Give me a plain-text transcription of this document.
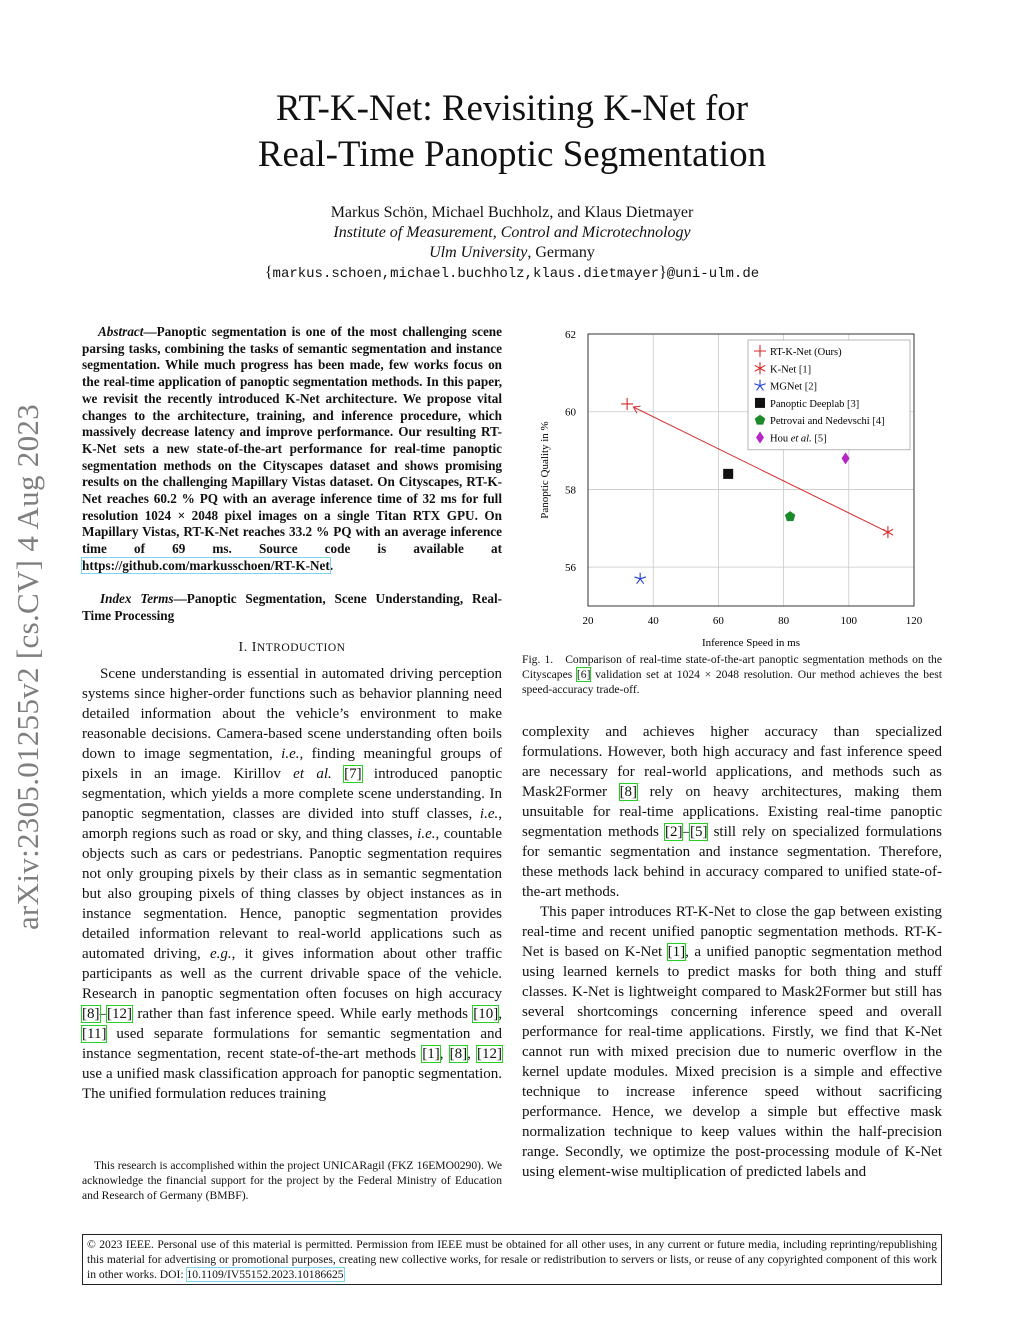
arXiv:2305.01255v2 [cs.CV] 4 Aug 2023
RT-K-Net: Revisiting K-Net for
Real-Time Panoptic Segmentation
Markus Schön, Michael Buchholz, and Klaus Dietmayer
Institute of Measurement, Control and Microtechnology
Ulm University, Germany
{markus.schoen,michael.buchholz,klaus.dietmayer}@uni-ulm.de
Abstract—Panoptic segmentation is one of the most challenging scene parsing tasks, combining the tasks of semantic segmentation and instance segmentation. While much progress has been made, few works focus on the real-time application of panoptic segmentation methods. In this paper, we revisit the recently introduced K-Net architecture. We propose vital changes to the architecture, training, and inference procedure, which massively decrease latency and improve performance. Our resulting RT-K-Net sets a new state-of-the-art performance for real-time panoptic segmentation methods on the Cityscapes dataset and shows promising results on the challenging Mapillary Vistas dataset. On Cityscapes, RT-K-Net reaches 60.2 % PQ with an average inference time of 32 ms for full resolution 1024 × 2048 pixel images on a single Titan RTX GPU. On Mapillary Vistas, RT-K-Net reaches 33.2 % PQ with an average inference time of 69 ms. Source code is available at https://github.com/markusschoen/RT-K-Net.
Index Terms—Panoptic Segmentation, Scene Understanding, Real-Time Processing
I. INTRODUCTION

Scene understanding is essential in automated driving perception systems since higher-order functions such as behavior planning need detailed information about the vehicle’s environment to make reasonable decisions. Camera-based scene understanding often boils down to image segmentation, i.e., finding meaningful groups of pixels in an image. Kirillov et al. [7] introduced panoptic segmentation, which yields a more complete scene understanding. In panoptic segmentation, classes are divided into stuff classes, i.e., amorph regions such as road or sky, and thing classes, i.e., countable objects such as cars or pedestrians. Panoptic segmentation requires not only grouping pixels by their class as in semantic segmentation but also grouping pixels of thing classes by object instances as in instance segmentation. Hence, panoptic segmentation provides detailed information relevant to real-world applications such as automated driving, e.g., it gives information about other traffic participants as well as the current drivable space of the vehicle. Research in panoptic segmentation often focuses on high accuracy [8]–[12] rather than fast inference speed. While early methods [10], [11] used separate formulations for semantic segmentation and instance segmentation, recent state-of-the-art methods [1], [8], [12] use a unified mask classification approach for panoptic segmentation. The unified formulation reduces training

This research is accomplished within the project UNICARagil (FKZ 16EMO0290). We acknowledge the financial support for the project by the Federal Ministry of Education and Research of Germany (BMBF).

20	40	60	80	100	120
56
58
60
62
Inference Speed in ms
Panoptic Quality in %
RT-K-Net (Ours)
K-Net [1]
MGNet [2]
Panoptic Deeplab [3]
Petrovai and Nedevschi [4]
Hou et al. [5]
Fig. 1. Comparison of real-time state-of-the-art panoptic segmentation methods on the Cityscapes [6] validation set at 1024 × 2048 resolution. Our method achieves the best speed-accuracy trade-off.

complexity and achieves higher accuracy than specialized formulations. However, both high accuracy and fast inference speed are necessary for real-world applications, and methods such as Mask2Former [8] rely on heavy architectures, making them unsuitable for real-time applications. Existing real-time panoptic segmentation methods [2]–[5] still rely on specialized formulations for semantic segmentation and instance segmentation. Therefore, these methods lack behind in accuracy compared to unified state-of-the-art methods.

This paper introduces RT-K-Net to close the gap between existing real-time and recent unified panoptic segmentation methods. RT-K-Net is based on K-Net [1], a unified panoptic segmentation method using learned kernels to predict masks for both thing and stuff classes. K-Net is lightweight compared to Mask2Former but still has several shortcomings concerning inference speed and overall performance for real-time applications. Firstly, we find that K-Net cannot run with mixed precision due to numeric overflow in the kernel update modules. Mixed precision is a simple and effective technique to increase inference speed without sacrificing performance. Hence, we develop a simple but effective mask normalization technique to keep values within the half-precision range. Secondly, we optimize the post-processing module of K-Net using element-wise multiplication of predicted labels and

© 2023 IEEE. Personal use of this material is permitted. Permission from IEEE must be obtained for all other uses, in any current or future media, including reprinting/republishing this material for advertising or promotional purposes, creating new collective works, for resale or redistribution to servers or lists, or reuse of any copyrighted component of this work in other works. DOI: 10.1109/IV55152.2023.10186625
